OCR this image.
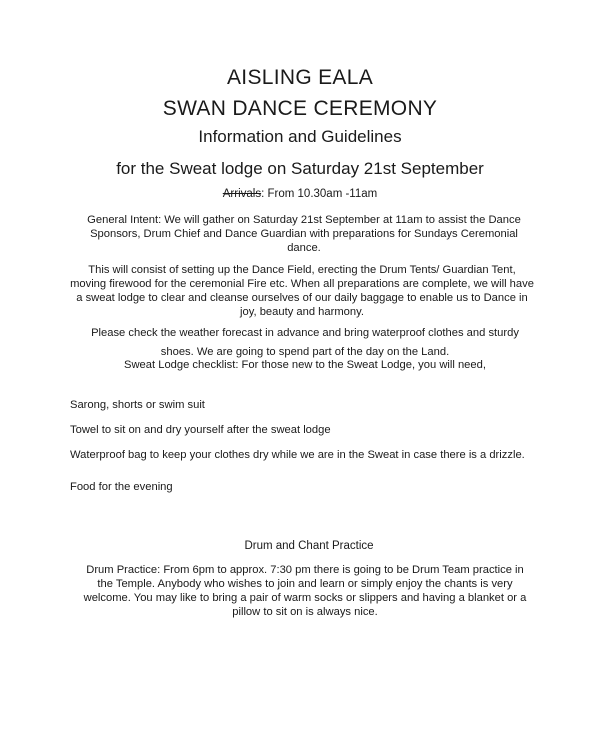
AISLING EALA
SWAN DANCE CEREMONY
Information and Guidelines
for the Sweat lodge on Saturday 21st September
Arrivals: From 10.30am -11am
General Intent: We will gather on Saturday 21st September at 11am to assist the Dance Sponsors, Drum Chief and Dance Guardian with preparations for Sundays Ceremonial dance.
This will consist of setting up the Dance Field, erecting the Drum Tents/ Guardian Tent, moving firewood for the ceremonial Fire etc. When all preparations are complete, we will have a sweat lodge to clear and cleanse ourselves of our daily baggage to enable us to Dance in joy, beauty and harmony.
Please check the weather forecast in advance and bring waterproof clothes and sturdy shoes. We are going to spend part of the day on the Land.
Sweat Lodge checklist: For those new to the Sweat Lodge, you will need,
Sarong, shorts or swim suit
Towel to sit on and dry yourself after the sweat lodge
Waterproof bag to keep your clothes dry while we are in the Sweat in case there is a drizzle.
Food for the evening
Drum and Chant Practice
Drum Practice: From 6pm to approx. 7:30 pm there is going to be Drum Team practice in the Temple. Anybody who wishes to join and learn or simply enjoy the chants is very welcome. You may like to bring a pair of warm socks or slippers and having a blanket or a pillow to sit on is always nice.
